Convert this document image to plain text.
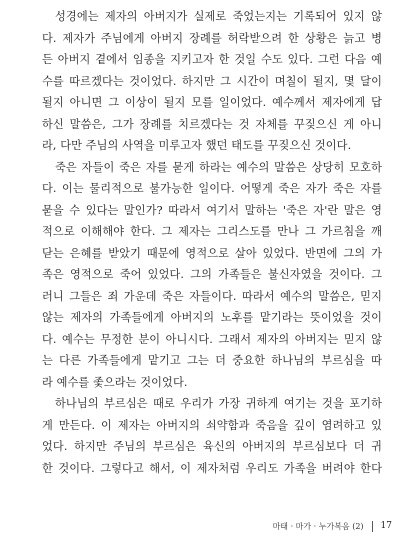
성경에는 제자의 아버지가 실제로 죽었는지는 기록되어 있지 않
다. 제자가 주님에게 아버지 장례를 허락받으려 한 상황은 늙고 병
든 아버지 곁에서 임종을 지키고자 한 것일 수도 있다. 그런 다음 예
수를 따르겠다는 것이었다. 하지만 그 시간이 며칠이 될지, 몇 달이
될지 아니면 그 이상이 될지 모를 일이었다. 예수께서 제자에게 답
하신 말씀은, 그가 장례를 치르겠다는 것 자체를 꾸짖으신 게 아니
라, 다만 주님의 사역을 미루고자 했던 태도를 꾸짖으신 것이다.
죽은 자들이 죽은 자를 묻게 하라는 예수의 말씀은 상당히 모호하
다. 이는 물리적으로 불가능한 일이다. 어떻게 죽은 자가 죽은 자를
묻을 수 있다는 말인가? 따라서 여기서 말하는 '죽은 자'란 말은 영
적으로 이해해야 한다. 그 제자는 그리스도를 만나 그 가르침을 깨
닫는 은혜를 받았기 때문에 영적으로 살아 있었다. 반면에 그의 가
족은 영적으로 죽어 있었다. 그의 가족들은 불신자였을 것이다. 그
러니 그들은 죄 가운데 죽은 자들이다. 따라서 예수의 말씀은, 믿지
않는 제자의 가족들에게 아버지의 노후를 맡기라는 뜻이었을 것이
다. 예수는 무정한 분이 아니시다. 그래서 제자의 아버지는 믿지 않
는 다른 가족들에게 맡기고 그는 더 중요한 하나님의 부르심을 따
라 예수를 좇으라는 것이었다.
하나님의 부르심은 때로 우리가 가장 귀하게 여기는 것을 포기하
게 만든다. 이 제자는 아버지의 쇠약함과 죽음을 깊이 염려하고 있
었다. 하지만 주님의 부르심은 육신의 아버지의 부르심보다 더 귀
한 것이다. 그렇다고 해서, 이 제자처럼 우리도 가족을 버려야 한다
마태 · 마가 · 누가복음 (2) 17
